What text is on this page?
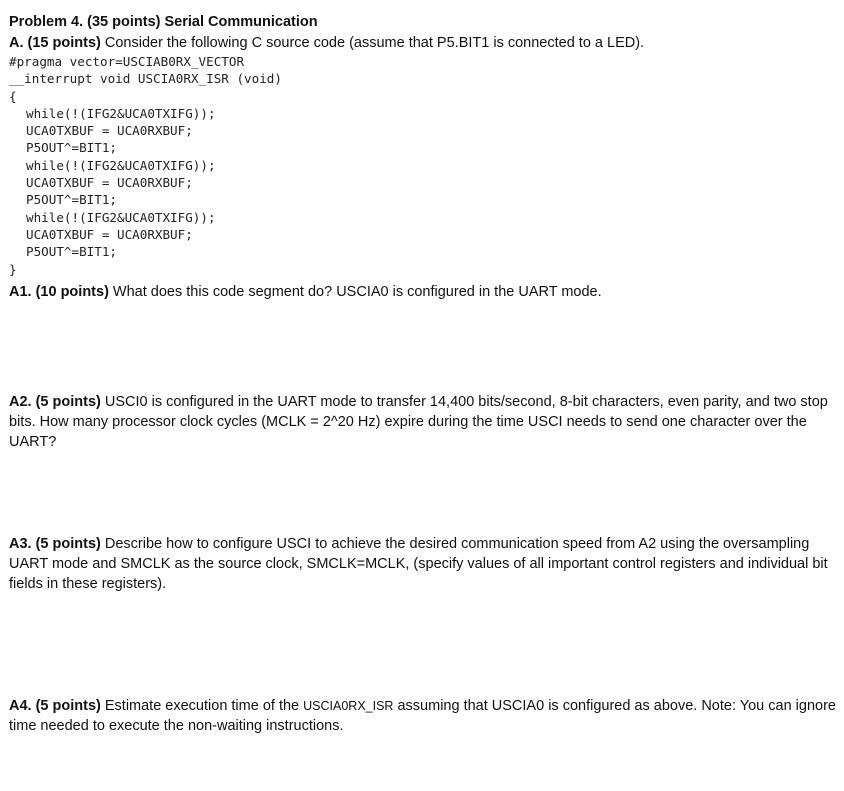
Problem 4. (35 points) Serial Communication
A. (15 points) Consider the following C source code (assume that P5.BIT1 is connected to a LED).
#pragma vector=USCIAB0RX_VECTOR
__interrupt void USCIA0RX_ISR (void)
{
while(!(IFG2&UCA0TXIFG));
UCA0TXBUF = UCA0RXBUF;
P5OUT^=BIT1;
while(!(IFG2&UCA0TXIFG));
UCA0TXBUF = UCA0RXBUF;
P5OUT^=BIT1;
while(!(IFG2&UCA0TXIFG));
UCA0TXBUF = UCA0RXBUF;
P5OUT^=BIT1;
}
A1. (10 points) What does this code segment do? USCIA0 is configured in the UART mode.
A2. (5 points) USCI0 is configured in the UART mode to transfer 14,400 bits/second, 8-bit characters, even parity, and two stop bits. How many processor clock cycles (MCLK = 2^20 Hz) expire during the time USCI needs to send one character over the UART?
A3. (5 points) Describe how to configure USCI to achieve the desired communication speed from A2 using the oversampling UART mode and SMCLK as the source clock, SMCLK=MCLK, (specify values of all important control registers and individual bit fields in these registers).
A4. (5 points) Estimate execution time of the USCIA0RX_ISR assuming that USCIA0 is configured as above. Note: You can ignore time needed to execute the non-waiting instructions.
